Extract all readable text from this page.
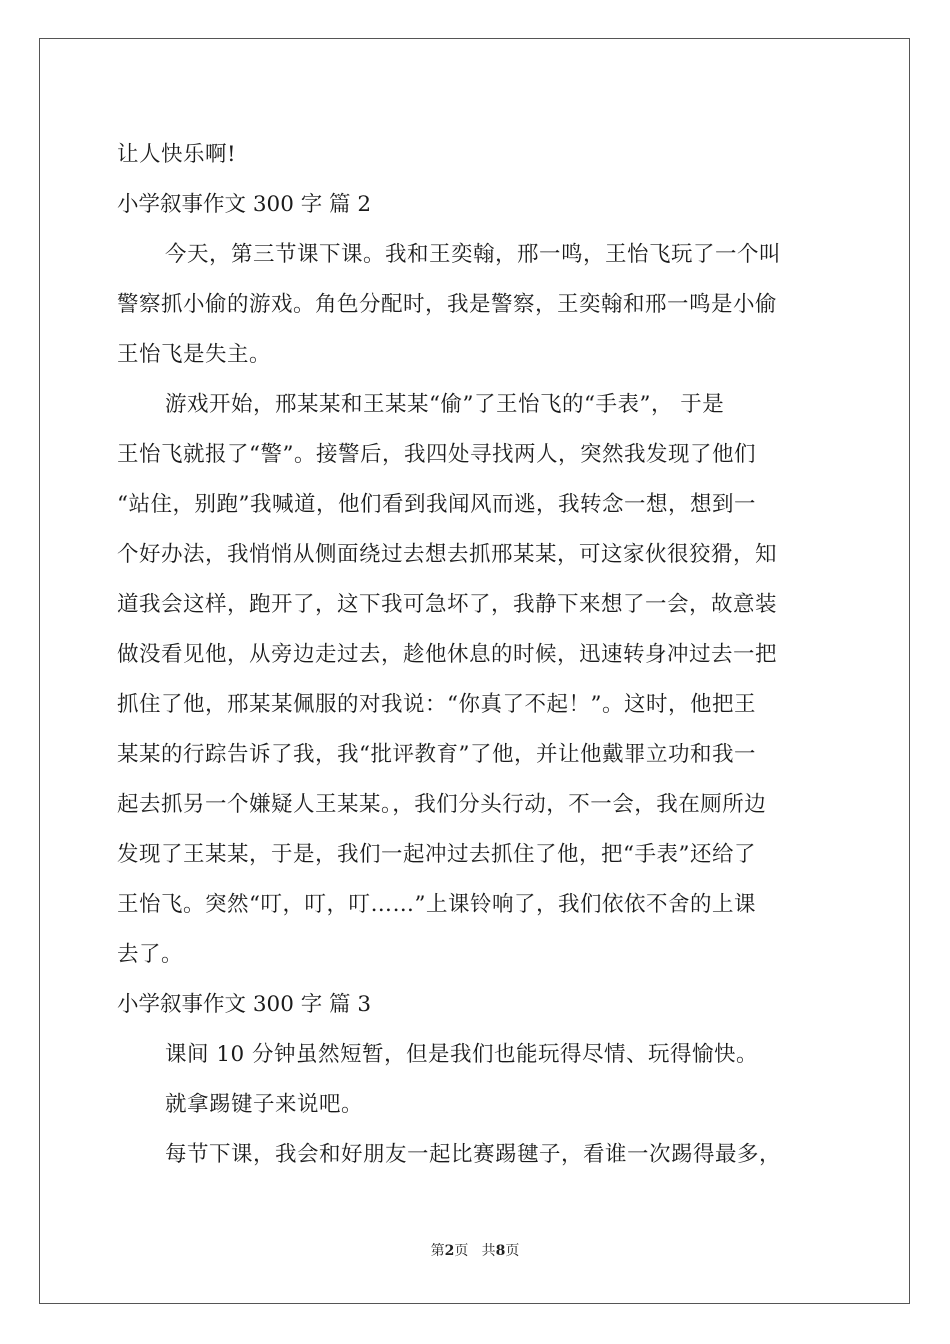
让人快乐啊!
小学叙事作文 300 字 篇 2
今天，第三节课下课。我和王奕翰，邢一鸣，王怡飞玩了一个叫
警察抓小偷的游戏。角色分配时，我是警察，王奕翰和邢一鸣是小偷
王怡飞是失主。
游戏开始，邢某某和王某某“偷”了王怡飞的“手表”， 于是
王怡飞就报了“警”。接警后，我四处寻找两人，突然我发现了他们
“站住，别跑”我喊道，他们看到我闻风而逃，我转念一想，想到一
个好办法，我悄悄从侧面绕过去想去抓邢某某，可这家伙很狡猾，知
道我会这样，跑开了，这下我可急坏了，我静下来想了一会，故意装
做没看见他，从旁边走过去，趁他休息的时候，迅速转身冲过去一把
抓住了他，邢某某佩服的对我说：“你真了不起！”。这时，他把王
某某的行踪告诉了我，我“批评教育”了他，并让他戴罪立功和我一
起去抓另一个嫌疑人王某某。，我们分头行动，不一会，我在厕所边
发现了王某某，于是，我们一起冲过去抓住了他，把“手表”还给了
王怡飞。突然“叮，叮，叮……”上课铃响了，我们依依不舍的上课
去了。
小学叙事作文 300 字 篇 3
课间 10 分钟虽然短暂，但是我们也能玩得尽情、玩得愉快。
就拿踢键子来说吧。
每节下课，我会和好朋友一起比赛踢毽子，看谁一次踢得最多，
第2页 共8页
